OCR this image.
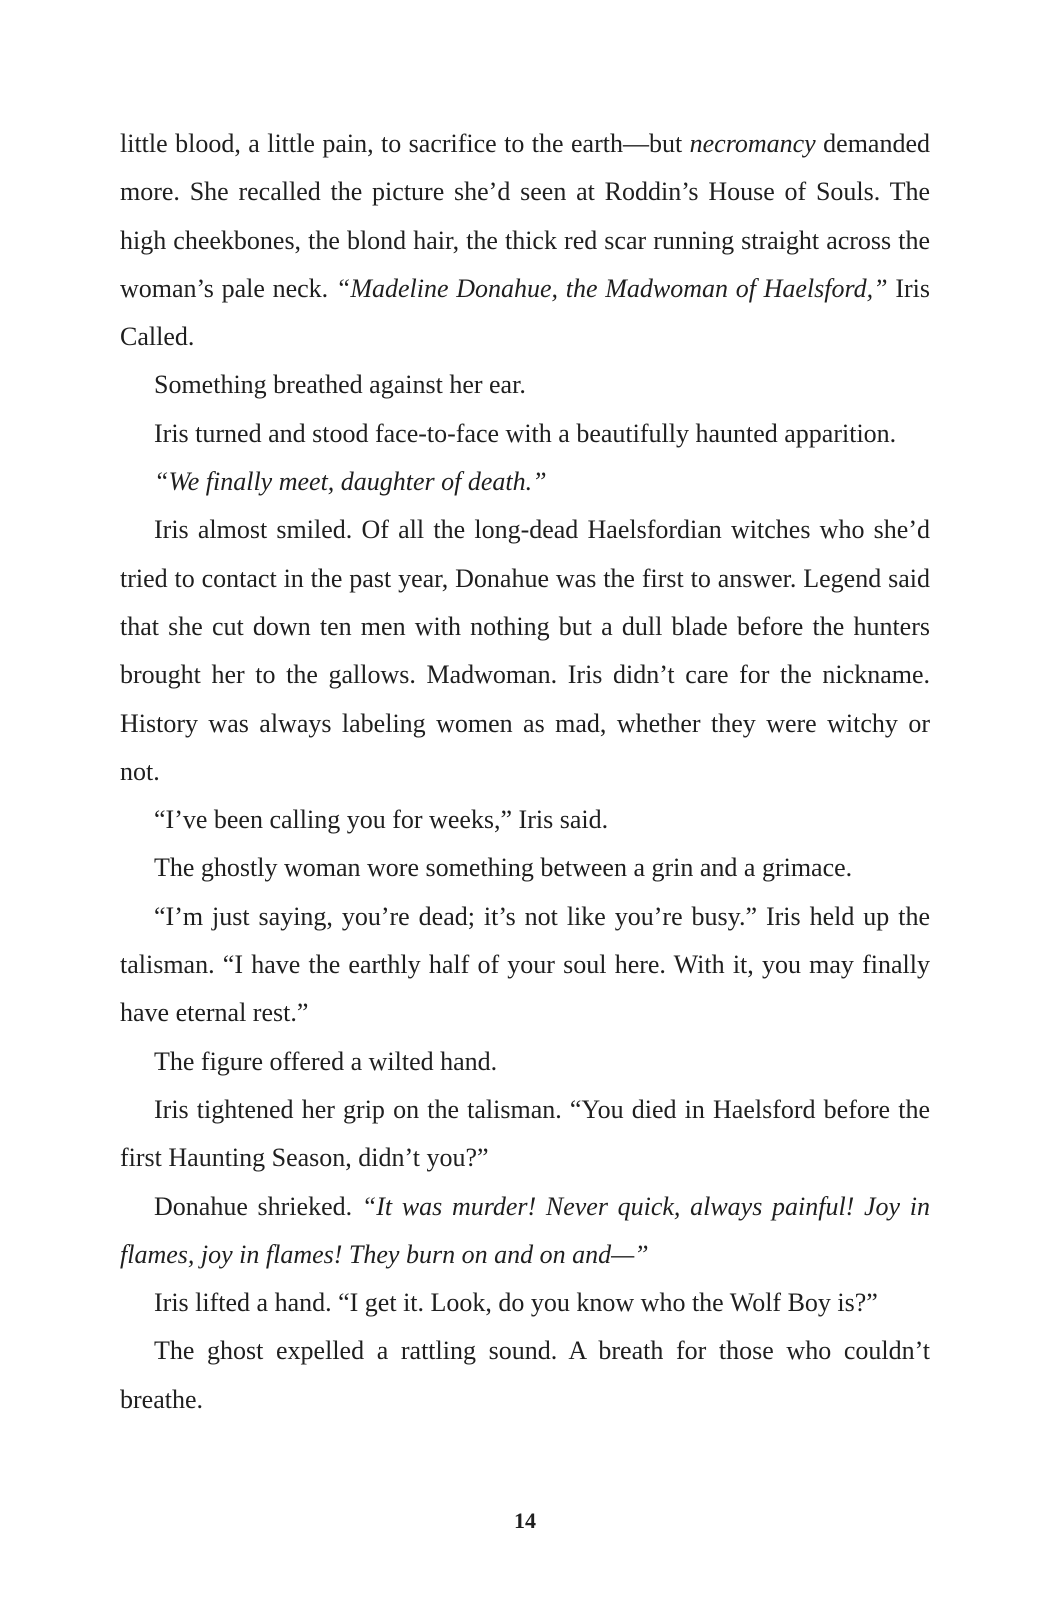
little blood, a little pain, to sacrifice to the earth—but necromancy demanded more. She recalled the picture she’d seen at Roddin’s House of Souls. The high cheekbones, the blond hair, the thick red scar running straight across the woman’s pale neck. “Madeline Donahue, the Madwoman of Haelsford,” Iris Called.

Something breathed against her ear.

Iris turned and stood face-to-face with a beautifully haunted apparition.

“We finally meet, daughter of death.”

Iris almost smiled. Of all the long-dead Haelsfordian witches who she’d tried to contact in the past year, Donahue was the first to answer. Legend said that she cut down ten men with nothing but a dull blade before the hunters brought her to the gallows. Madwoman. Iris didn’t care for the nickname. History was always labeling women as mad, whether they were witchy or not.

“I’ve been calling you for weeks,” Iris said.

The ghostly woman wore something between a grin and a grimace.

“I’m just saying, you’re dead; it’s not like you’re busy.” Iris held up the talisman. “I have the earthly half of your soul here. With it, you may finally have eternal rest.”

The figure offered a wilted hand.

Iris tightened her grip on the talisman. “You died in Haelsford before the first Haunting Season, didn’t you?”

Donahue shrieked. “It was murder! Never quick, always painful! Joy in flames, joy in flames! They burn on and on and—”

Iris lifted a hand. “I get it. Look, do you know who the Wolf Boy is?”

The ghost expelled a rattling sound. A breath for those who couldn’t breathe.

14
